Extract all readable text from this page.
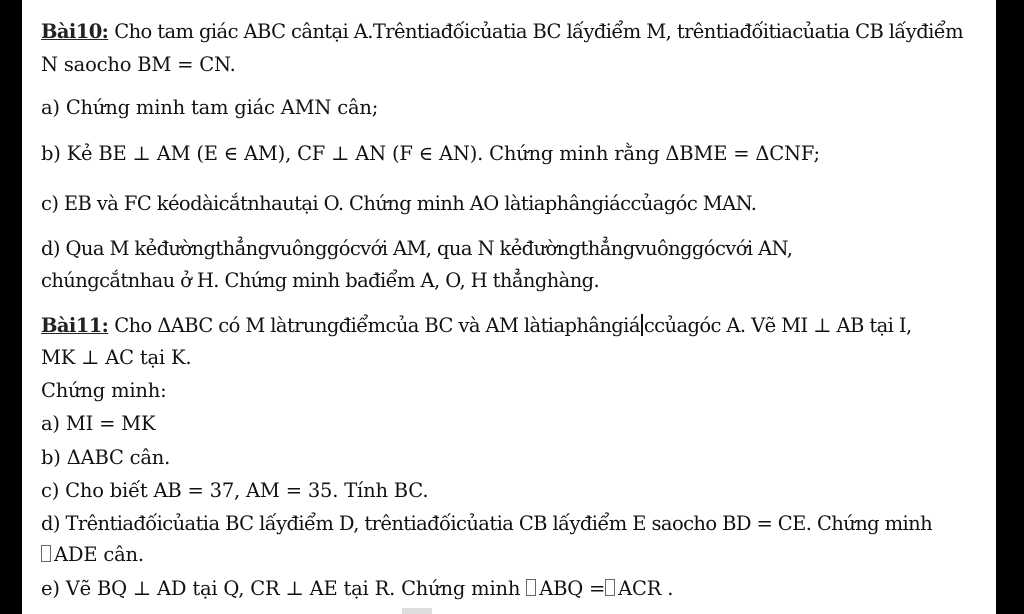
Bài10: Cho tam giác ABC cântại A.Trêntiađốicủatia BC lấyđiểm M, trêntiađốitiacủatia CB lấyđiểm
N saocho BM = CN.
a) Chứng minh tam giác AMN cân;
b) Kẻ BE ⊥ AM (E ∈ AM), CF ⊥ AN (F ∈ AN). Chứng minh rằng ΔBME = ΔCNF;
c) EB và FC kéodàicắtnhautại O. Chứng minh AO làtiaphângiáccủagóc MAN.
d) Qua M kẻđườngthẳngvuônggócvới AM, qua N kẻđườngthẳngvuônggócvới AN,
chúngcắtnhau ở H. Chứng minh bađiểm A, O, H thẳnghàng.
Bài11: Cho ΔABC có M làtrungđiểmcủa BC và AM làtiaphângiá ccủagóc A. Vẽ MI ⊥ AB tại I,
MK ⊥ AC tại K.
Chứng minh:
a) MI = MK
b) ΔABC cân.
c) Cho biết AB = 37, AM = 35. Tính BC.
d) Trêntiađốicủatia BC lấyđiểm D, trêntiađốicủatia CB lấyđiểm E saocho BD = CE. Chứng minh
ADE cân.
e) Vẽ BQ ⊥ AD tại Q, CR ⊥ AE tại R. Chứng minh ABQ = ACR .
